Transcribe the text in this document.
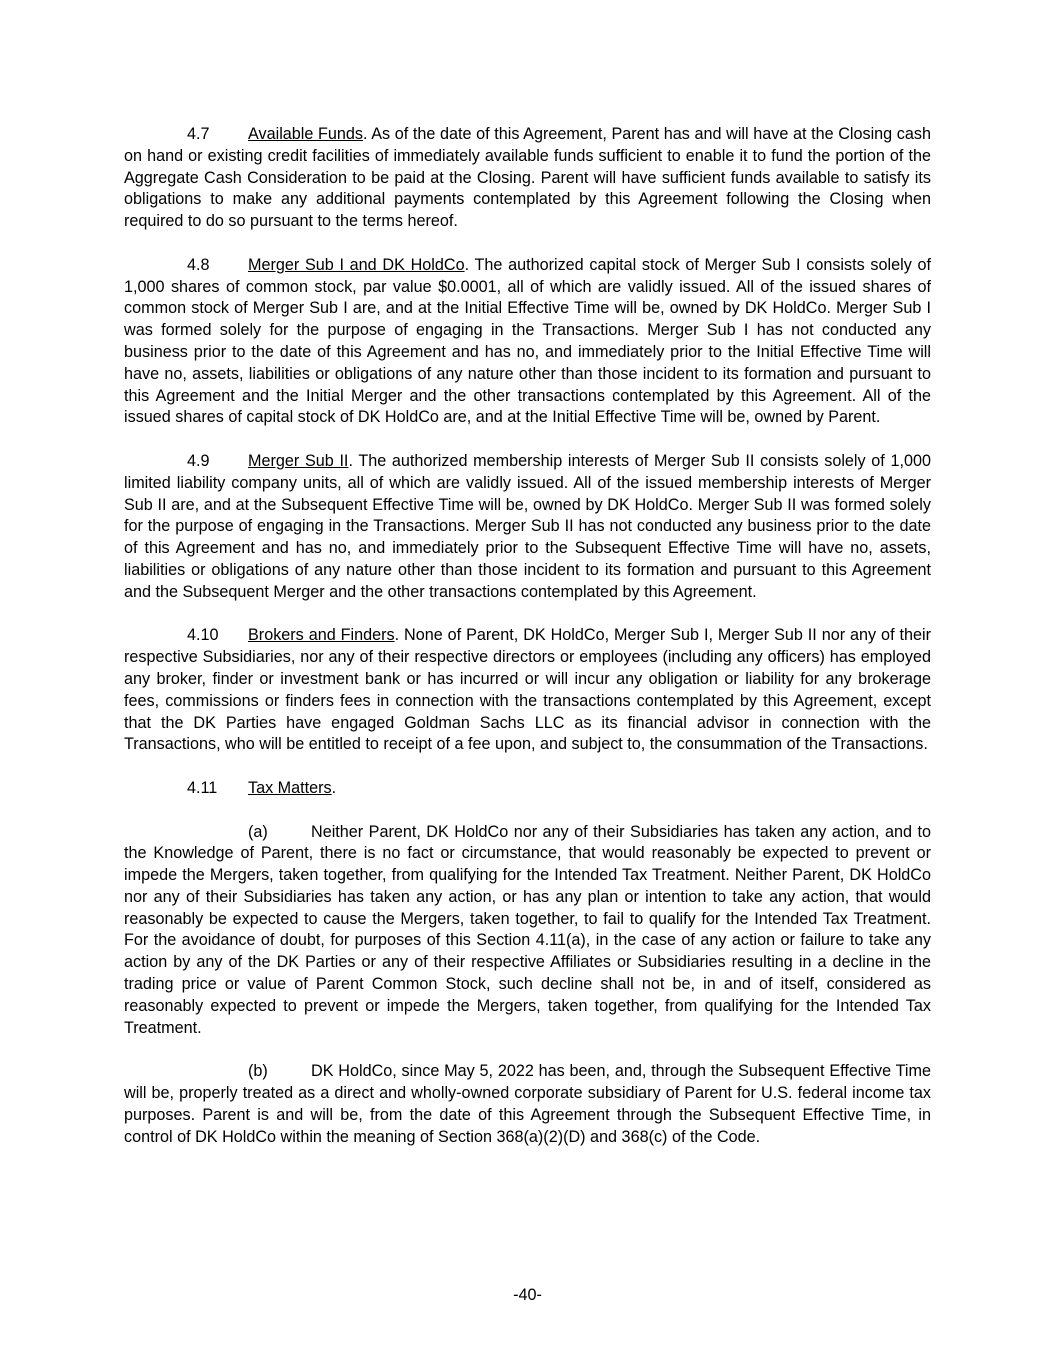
4.7 Available Funds. As of the date of this Agreement, Parent has and will have at the Closing cash on hand or existing credit facilities of immediately available funds sufficient to enable it to fund the portion of the Aggregate Cash Consideration to be paid at the Closing. Parent will have sufficient funds available to satisfy its obligations to make any additional payments contemplated by this Agreement following the Closing when required to do so pursuant to the terms hereof.

4.8 Merger Sub I and DK HoldCo. The authorized capital stock of Merger Sub I consists solely of 1,000 shares of common stock, par value $0.0001, all of which are validly issued. All of the issued shares of common stock of Merger Sub I are, and at the Initial Effective Time will be, owned by DK HoldCo. Merger Sub I was formed solely for the purpose of engaging in the Transactions. Merger Sub I has not conducted any business prior to the date of this Agreement and has no, and immediately prior to the Initial Effective Time will have no, assets, liabilities or obligations of any nature other than those incident to its formation and pursuant to this Agreement and the Initial Merger and the other transactions contemplated by this Agreement. All of the issued shares of capital stock of DK HoldCo are, and at the Initial Effective Time will be, owned by Parent.

4.9 Merger Sub II. The authorized membership interests of Merger Sub II consists solely of 1,000 limited liability company units, all of which are validly issued. All of the issued membership interests of Merger Sub II are, and at the Subsequent Effective Time will be, owned by DK HoldCo. Merger Sub II was formed solely for the purpose of engaging in the Transactions. Merger Sub II has not conducted any business prior to the date of this Agreement and has no, and immediately prior to the Subsequent Effective Time will have no, assets, liabilities or obligations of any nature other than those incident to its formation and pursuant to this Agreement and the Subsequent Merger and the other transactions contemplated by this Agreement.

4.10 Brokers and Finders. None of Parent, DK HoldCo, Merger Sub I, Merger Sub II nor any of their respective Subsidiaries, nor any of their respective directors or employees (including any officers) has employed any broker, finder or investment bank or has incurred or will incur any obligation or liability for any brokerage fees, commissions or finders fees in connection with the transactions contemplated by this Agreement, except that the DK Parties have engaged Goldman Sachs LLC as its financial advisor in connection with the Transactions, who will be entitled to receipt of a fee upon, and subject to, the consummation of the Transactions.

4.11 Tax Matters.

(a)	Neither Parent, DK HoldCo nor any of their Subsidiaries has taken any action, and to the Knowledge of Parent, there is no fact or circumstance, that would reasonably be expected to prevent or impede the Mergers, taken together, from qualifying for the Intended Tax Treatment. Neither Parent, DK HoldCo nor any of their Subsidiaries has taken any action, or has any plan or intention to take any action, that would reasonably be expected to cause the Mergers, taken together, to fail to qualify for the Intended Tax Treatment. For the avoidance of doubt, for purposes of this Section 4.11(a), in the case of any action or failure to take any action by any of the DK Parties or any of their respective Affiliates or Subsidiaries resulting in a decline in the trading price or value of Parent Common Stock, such decline shall not be, in and of itself, considered as reasonably expected to prevent or impede the Mergers, taken together, from qualifying for the Intended Tax Treatment.

(b)	DK HoldCo, since May 5, 2022 has been, and, through the Subsequent Effective Time will be, properly treated as a direct and wholly-owned corporate subsidiary of Parent for U.S. federal income tax purposes. Parent is and will be, from the date of this Agreement through the Subsequent Effective Time, in control of DK HoldCo within the meaning of Section 368(a)(2)(D) and 368(c) of the Code.

-40-
